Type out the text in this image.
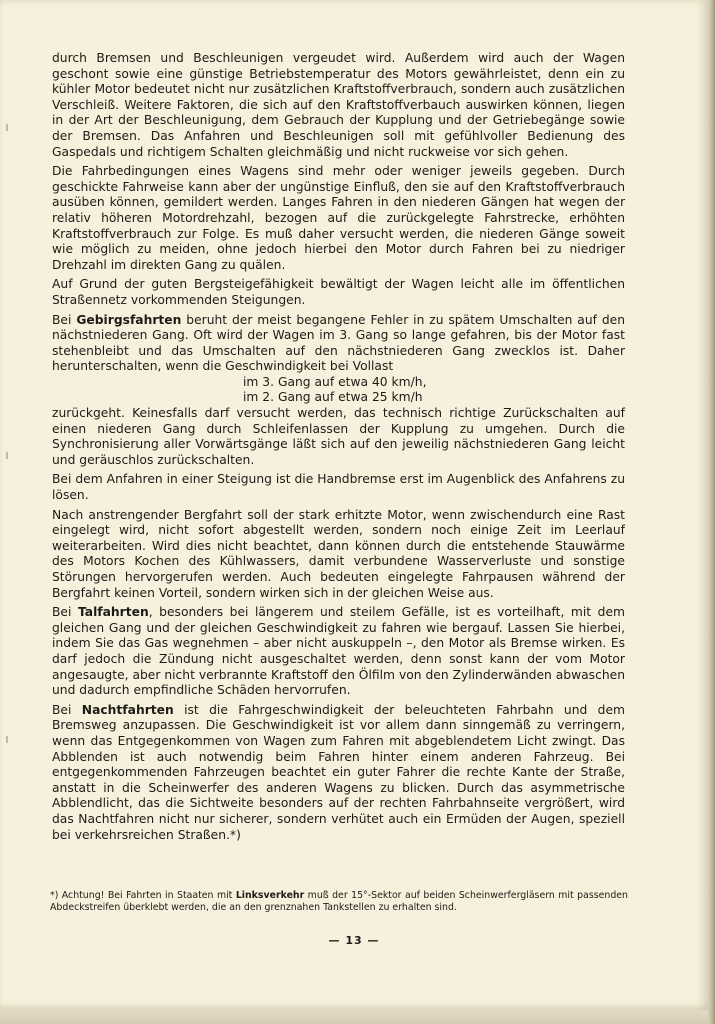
durch Bremsen und Beschleunigen vergeudet wird. Außerdem wird auch der Wagen geschont sowie eine günstige Betriebstemperatur des Motors gewährleistet, denn ein zu kühler Motor bedeutet nicht nur zusätzlichen Kraftstoffverbrauch, sondern auch zusätzlichen Verschleiß. Weitere Faktoren, die sich auf den Kraftstoffverbauch auswirken können, liegen in der Art der Beschleunigung, dem Gebrauch der Kupplung und der Getriebegänge sowie der Bremsen. Das Anfahren und Beschleunigen soll mit gefühlvoller Bedienung des Gaspedals und richtigem Schalten gleichmäßig und nicht ruckweise vor sich gehen.

Die Fahrbedingungen eines Wagens sind mehr oder weniger jeweils gegeben. Durch geschickte Fahrweise kann aber der ungünstige Einfluß, den sie auf den Kraftstoffverbrauch ausüben können, gemildert werden. Langes Fahren in den niederen Gängen hat wegen der relativ höheren Motordrehzahl, bezogen auf die zurückgelegte Fahrstrecke, erhöhten Kraftstoffverbrauch zur Folge. Es muß daher versucht werden, die niederen Gänge soweit wie möglich zu meiden, ohne jedoch hierbei den Motor durch Fahren bei zu niedriger Drehzahl im direkten Gang zu quälen.

Auf Grund der guten Bergsteigefähigkeit bewältigt der Wagen leicht alle im öffentlichen Straßennetz vorkommenden Steigungen.

Bei Gebirgsfahrten beruht der meist begangene Fehler in zu spätem Umschalten auf den nächstniederen Gang. Oft wird der Wagen im 3. Gang so lange gefahren, bis der Motor fast stehenbleibt und das Umschalten auf den nächstniederen Gang zwecklos ist. Daher herunterschalten, wenn die Geschwindigkeit bei Vollast

im 3. Gang auf etwa 40 km/h,
im 2. Gang auf etwa 25 km/h

zurückgeht. Keinesfalls darf versucht werden, das technisch richtige Zurückschalten auf einen niederen Gang durch Schleifenlassen der Kupplung zu umgehen. Durch die Synchronisierung aller Vorwärtsgänge läßt sich auf den jeweilig nächstniederen Gang leicht und geräuschlos zurückschalten.

Bei dem Anfahren in einer Steigung ist die Handbremse erst im Augenblick des Anfahrens zu lösen.

Nach anstrengender Bergfahrt soll der stark erhitzte Motor, wenn zwischendurch eine Rast eingelegt wird, nicht sofort abgestellt werden, sondern noch einige Zeit im Leerlauf weiterarbeiten. Wird dies nicht beachtet, dann können durch die entstehende Stauwärme des Motors Kochen des Kühlwassers, damit verbundene Wasserverluste und sonstige Störungen hervorgerufen werden. Auch bedeuten eingelegte Fahrpausen während der Bergfahrt keinen Vorteil, sondern wirken sich in der gleichen Weise aus.

Bei Talfahrten, besonders bei längerem und steilem Gefälle, ist es vorteilhaft, mit dem gleichen Gang und der gleichen Geschwindigkeit zu fahren wie bergauf. Lassen Sie hierbei, indem Sie das Gas wegnehmen – aber nicht auskuppeln –, den Motor als Bremse wirken. Es darf jedoch die Zündung nicht ausgeschaltet werden, denn sonst kann der vom Motor angesaugte, aber nicht verbrannte Kraftstoff den Ölfilm von den Zylinderwänden abwaschen und dadurch empfindliche Schäden hervorrufen.

Bei Nachtfahrten ist die Fahrgeschwindigkeit der beleuchteten Fahrbahn und dem Bremsweg anzupassen. Die Geschwindigkeit ist vor allem dann sinngemäß zu verringern, wenn das Entgegenkommen von Wagen zum Fahren mit abgeblendetem Licht zwingt. Das Abblenden ist auch notwendig beim Fahren hinter einem anderen Fahrzeug. Bei entgegenkommenden Fahrzeugen beachtet ein guter Fahrer die rechte Kante der Straße, anstatt in die Scheinwerfer des anderen Wagens zu blicken. Durch das asymmetrische Abblendlicht, das die Sichtweite besonders auf der rechten Fahrbahnseite vergrößert, wird das Nachtfahren nicht nur sicherer, sondern verhütet auch ein Ermüden der Augen, speziell bei verkehrsreichen Straßen.*)

*) Achtung! Bei Fahrten in Staaten mit Linksverkehr muß der 15°-Sektor auf beiden Scheinwerfergläsern mit passenden Abdeckstreifen überklebt werden, die an den grenznahen Tankstellen zu erhalten sind.
— 13 —
